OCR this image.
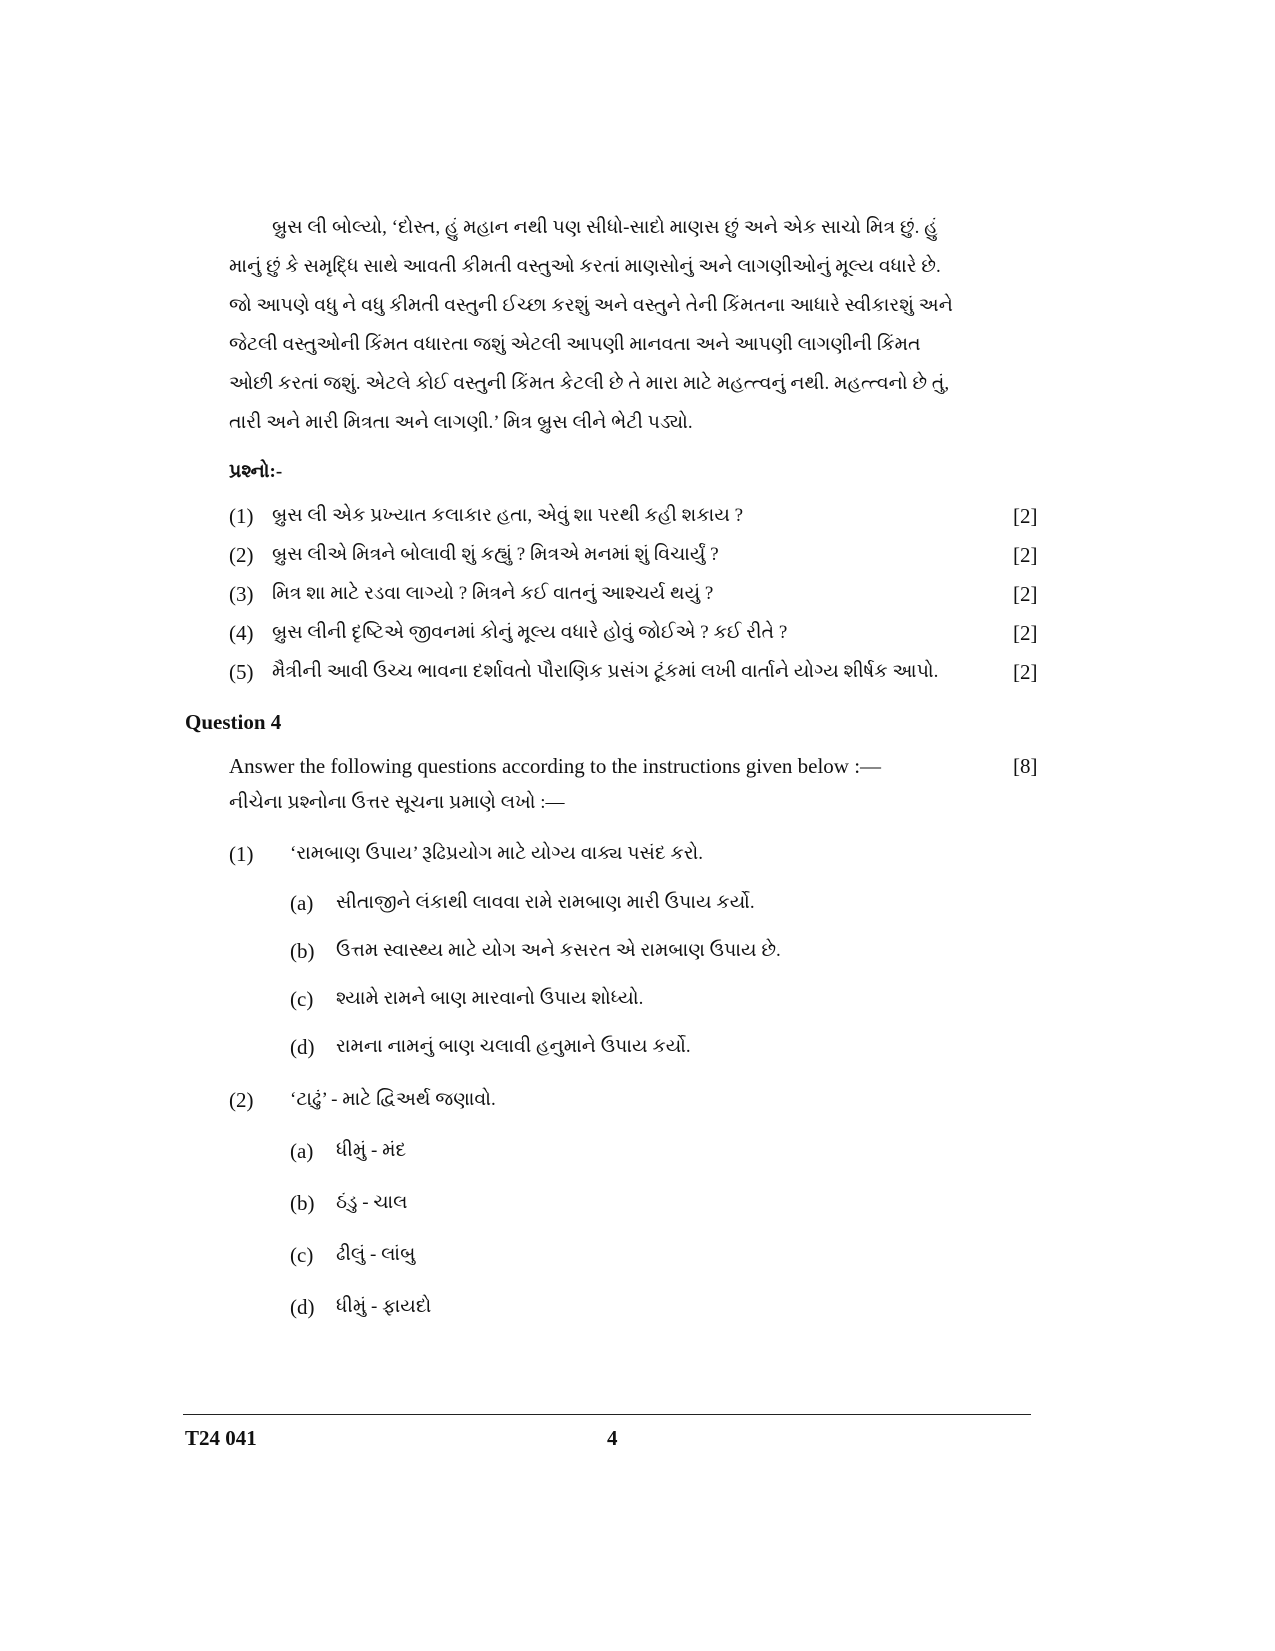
બ્રુસ લી બોલ્યો, ‘દોસ્ત, હું મહાન નથી પણ સીધો-સાદો માણસ છું અને એક સાચો મિત્ર છું. હું
માનું છું કે સમૃદ્ધિ સાથે આવતી કીમતી વસ્તુઓ કરતાં માણસોનું અને લાગણીઓનું મૂલ્ય વધારે છે.
જો આપણે વધુ ને વધુ કીમતી વસ્તુની ઈચ્છા કરશું અને વસ્તુને તેની કિંમતના આધારે સ્વીકારશું અને
જેટલી વસ્તુઓની કિંમત વધારતા જશું એટલી આપણી માનવતા અને આપણી લાગણીની કિંમત
ઓછી કરતાં જશું. એટલે કોઈ વસ્તુની કિંમત કેટલી છે તે મારા માટે મહત્ત્વનું નથી. મહત્ત્વનો છે તું,
તારી અને મારી મિત્રતા અને લાગણી.’ મિત્ર બ્રુસ લીને ભેટી પડ્યો.
પ્રશ્નો:-
(1) બ્રુસ લી એક પ્રખ્યાત કલાકાર હતા, એવું શા પરથી કહી શકાય ?	[2]
(2) બ્રુસ લીએ મિત્રને બોલાવી શું કહ્યું ? મિત્રએ મનમાં શું વિચાર્યું ?	[2]
(3) મિત્ર શા માટે રડવા લાગ્યો ? મિત્રને કઈ વાતનું આશ્ચર્ય થયું ?	[2]
(4) બ્રુસ લીની દૃષ્ટિએ જીવનમાં કોનું મૂલ્ય વધારે હોવું જોઈએ ? કઈ રીતે ?	[2]
(5) મૈત્રીની આવી ઉચ્ચ ભાવના દર્શાવતો પૌરાણિક પ્રસંગ ટૂંકમાં લખી વાર્તાને યોગ્ય શીર્ષક આપો.	[2]
Question 4
Answer the following questions according to the instructions given below :—	[8]
નીચેના પ્રશ્નોના ઉત્તર સૂચના પ્રમાણે લખો :—
(1) ‘રામબાણ ઉપાય’ રૂઢિપ્રયોગ માટે યોગ્ય વાક્ય પસંદ કરો.
(a) સીતાજીને લંકાથી લાવવા રામે રામબાણ મારી ઉપાય કર્યો.
(b) ઉત્તમ સ્વાસ્થ્ય માટે યોગ અને કસરત એ રામબાણ ઉપાય છે.
(c) શ્યામે રામને બાણ મારવાનો ઉપાય શોધ્યો.
(d) રામના નામનું બાણ ચલાવી હનુમાને ઉપાય કર્યો.
(2) ‘ટાઢું’ - માટે દ્વિઅર્થ જણાવો.
(a) ધીમું - મંદ
(b) ઠંડુ - ચાલ
(c) ઢીલું - લાંબુ
(d) ધીમું - ફાયદો
T24 041	4
